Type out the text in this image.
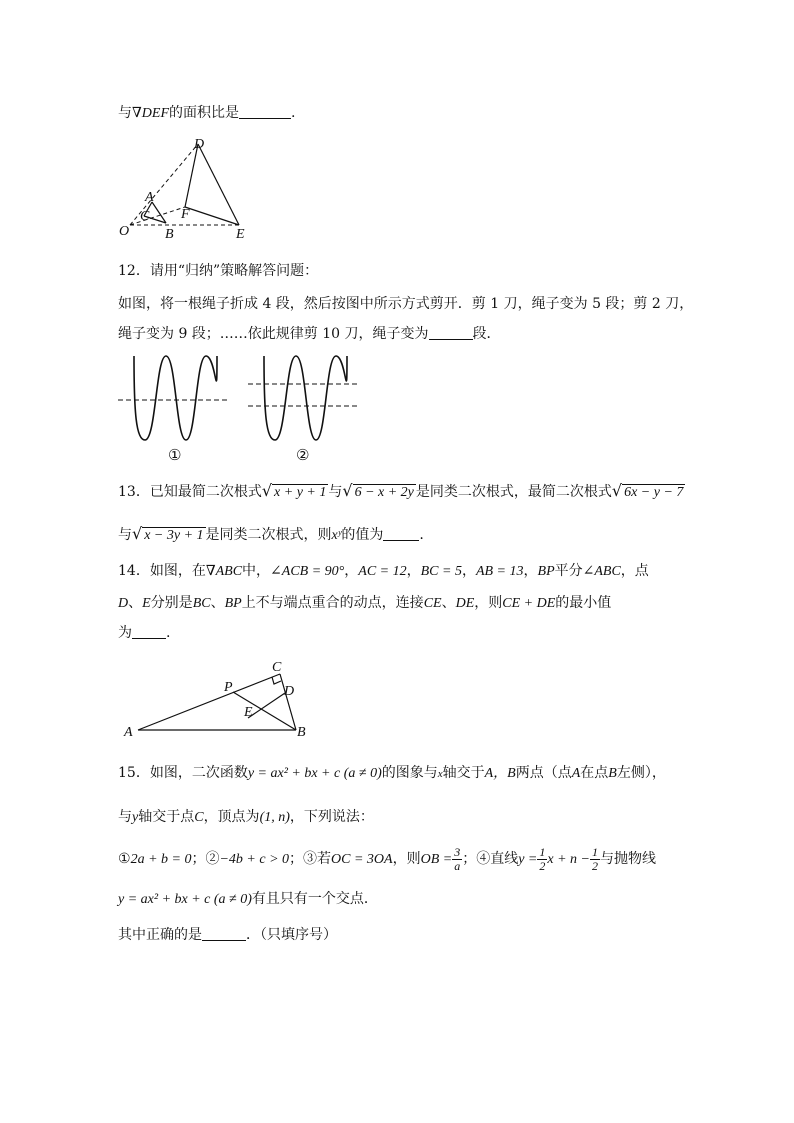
与∇DEF的面积比是	.
D
A
F
C
O	B	E
12．请用“归纳”策略解答问题：
如图，将一根绳子折成 4 段，然后按图中所示方式剪开．剪 1 刀，绳子变为 5 段；剪 2 刀，
绳子变为 9 段；……依此规律剪 10 刀，绳子变为	段．
①	②
13．已知最简二次根式√ x + y + 1 与√ 6 − x + 2y 是同类二次根式，最简二次根式√ 6x − y − 7
与√ x − 3y + 1 是同类二次根式，则xʸ的值为	.
14．如图，在∇ABC中，∠ACB = 90°，AC = 12，BC = 5，AB = 13，BP平分∠ABC，点
D、E分别是BC、BP上不与端点重合的动点，连接CE、DE，则CE + DE的最小值
为 .
C
P	D
E
A	B
15．如图，二次函数y = ax² + bx + c (a ≠ 0)的图象与x轴交于A，B两点（点A在点B左侧），
与y轴交于点C，顶点为(1, n)，下列说法：
①2a + b = 0；②−4b + c > 0；③若OC = 3OA，则OB = $\frac{3}{a}$ ；④直线$y = \frac{1}{2}$ $x + n - \frac{1}{2}$ 与抛物线
y = ax² + bx + c (a ≠ 0)有且只有一个交点．
其中正确的是	．（只填序号）
